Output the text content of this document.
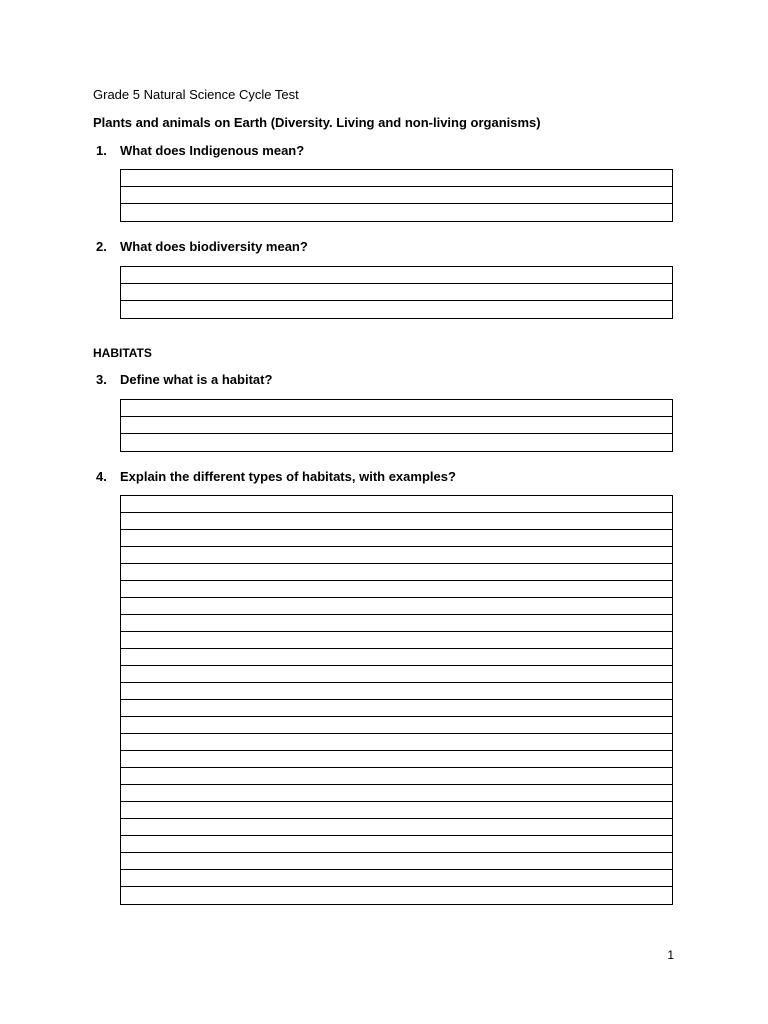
Grade 5 Natural Science Cycle Test
Plants and animals on Earth (Diversity. Living and non-living organisms)
1. What does Indigenous mean?
2. What does biodiversity mean?
HABITATS
3. Define what is a habitat?
4. Explain the different types of habitats, with examples?
1
